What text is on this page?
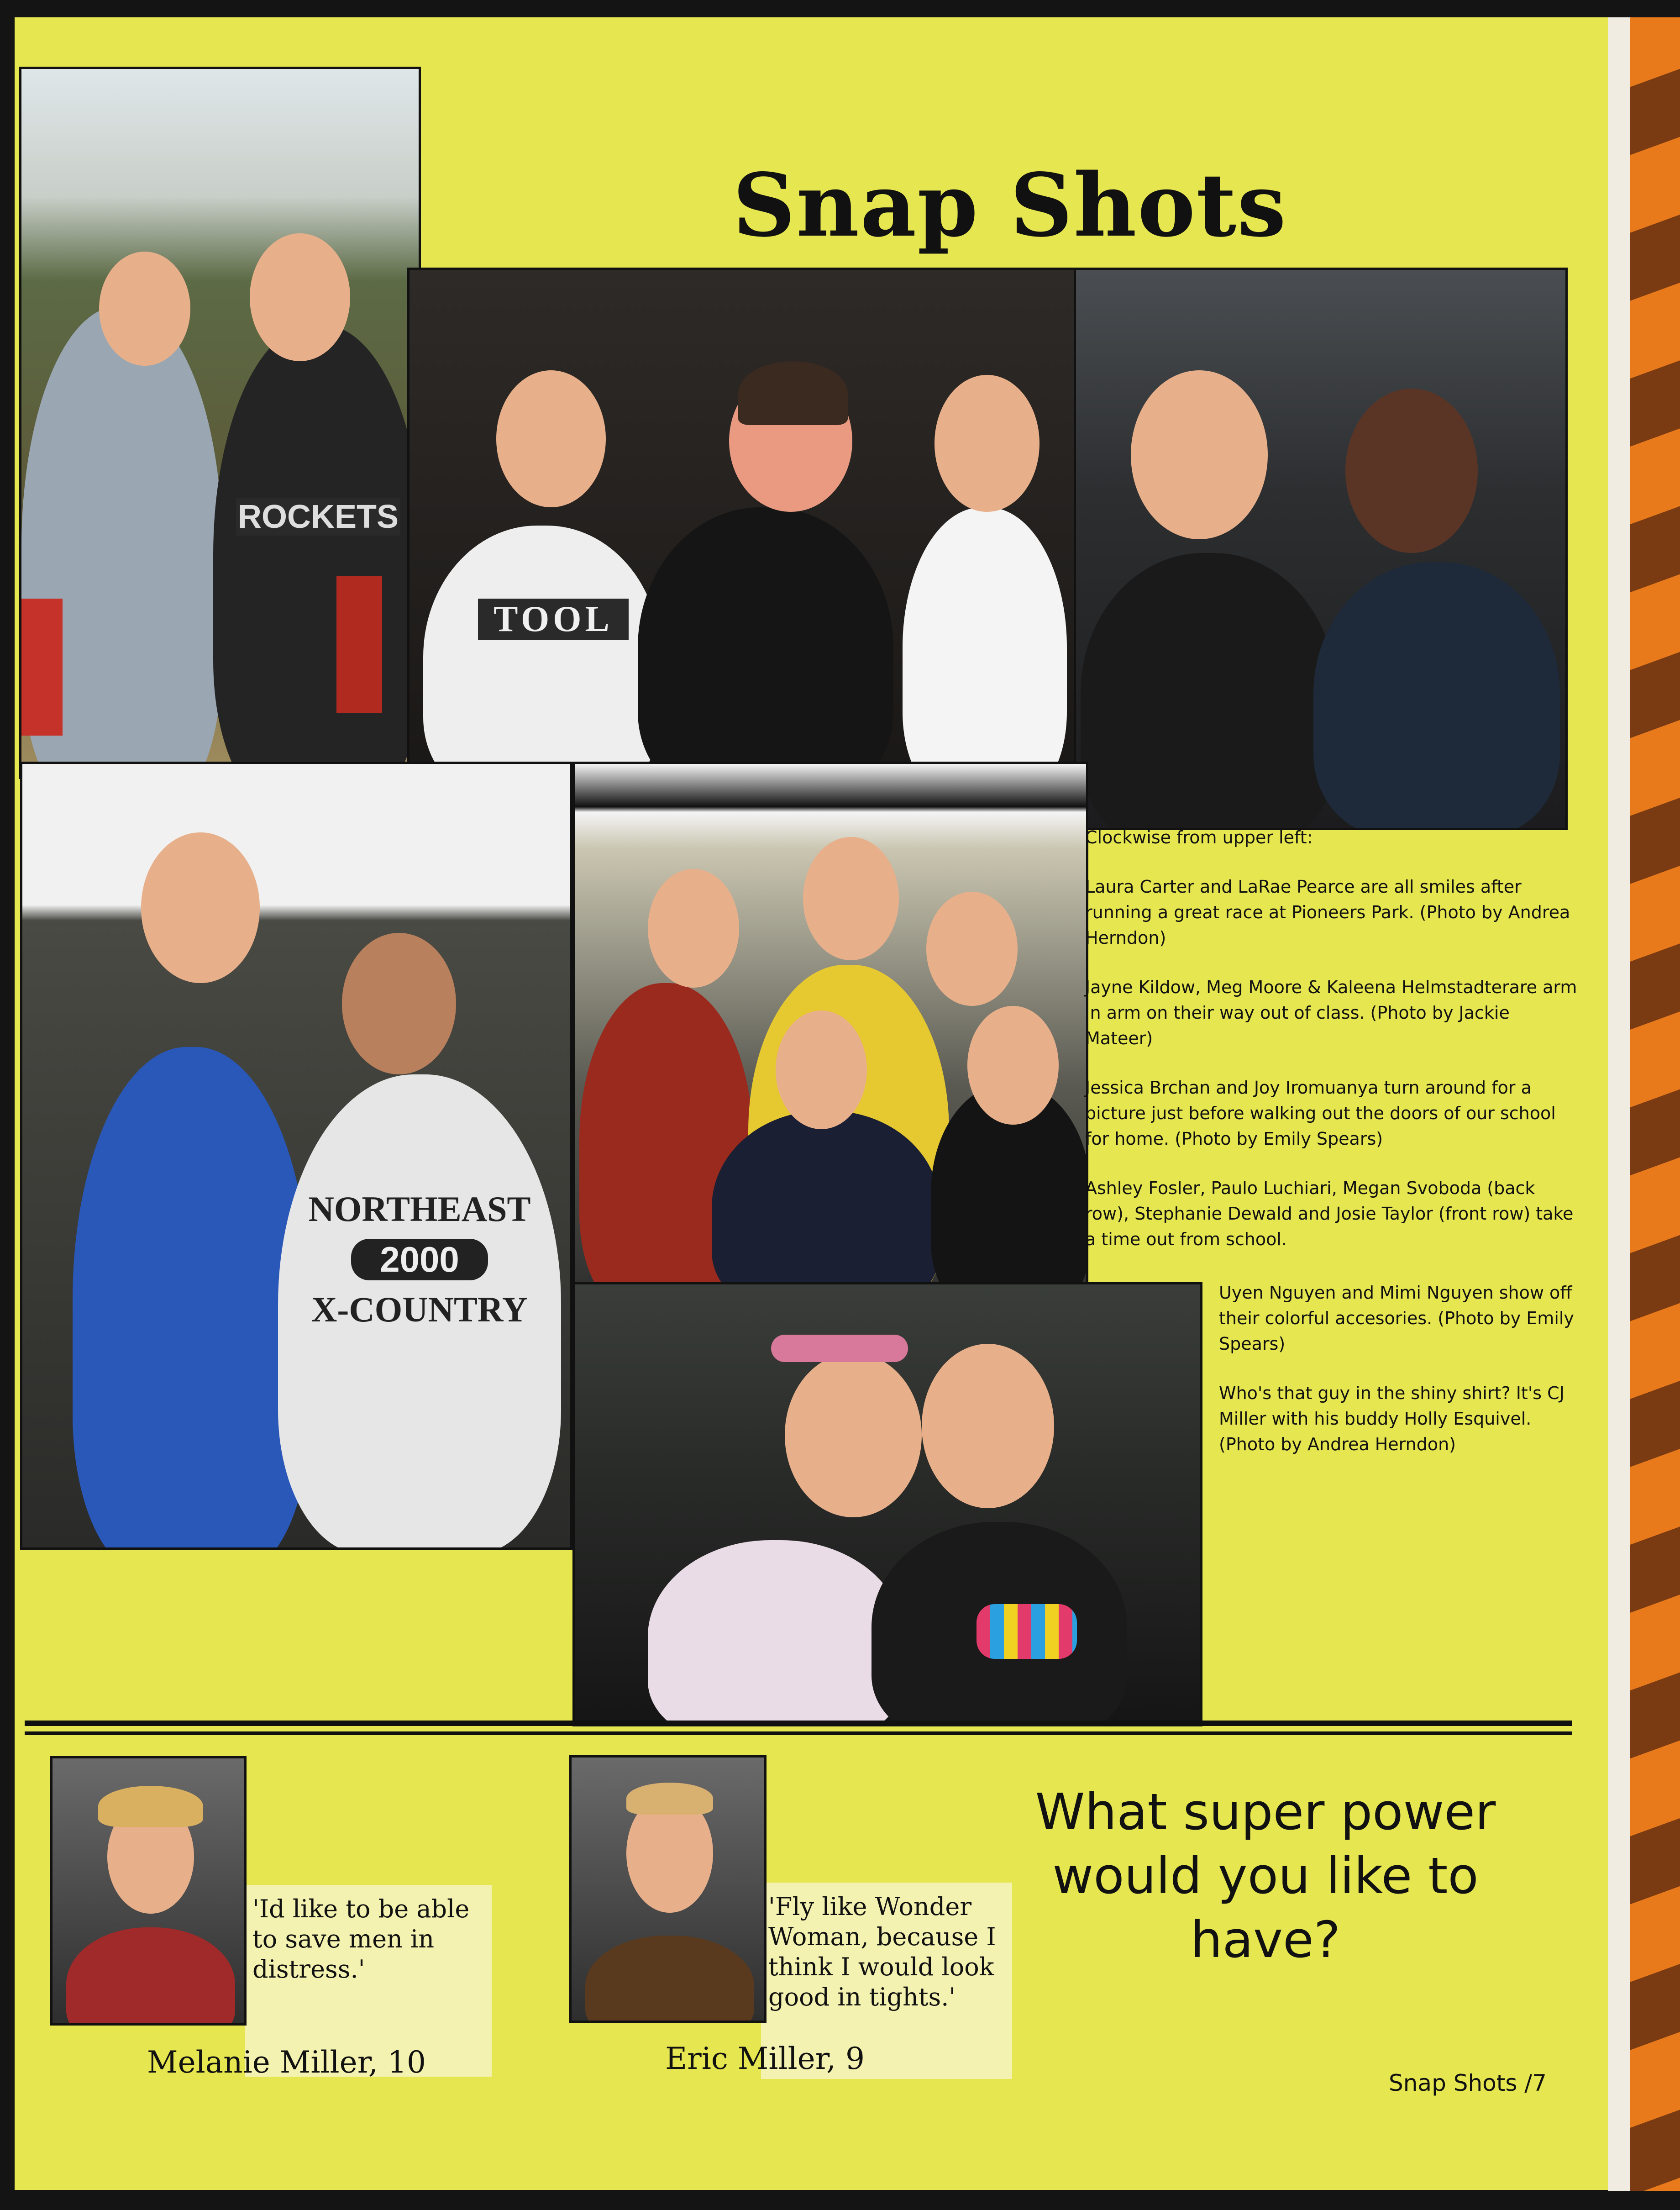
Snap Shots
ROCKETS
TOOL
NORTHEAST
2000
X-COUNTRY

Clockwise from upper left:

Laura Carter and LaRae Pearce are all smiles after running a great race at Pioneers Park. (Photo by Andrea Herndon)

Jayne Kildow, Meg Moore & Kaleena Helmstadterare arm in arm on their way out of class. (Photo by Jackie Mateer)

Jessica Brchan and Joy Iromuanya turn around for a picture just before walking out the doors of our school for home. (Photo by Emily Spears)

Ashley Fosler, Paulo Luchiari, Megan Svoboda (back row), Stephanie Dewald and Josie Taylor (front row) take a time out from school.

Uyen Nguyen and Mimi Nguyen show off their colorful accesories. (Photo by Emily Spears)

Who's that guy in the shiny shirt? It's CJ Miller with his buddy Holly Esquivel. (Photo by Andrea Herndon)

'Id like to be able to save men in distress.'
Melanie Miller, 10
'Fly like Wonder Woman, because I think I would look good in tights.'
Eric Miller, 9
What super power would you like to have?
Snap Shots /7
